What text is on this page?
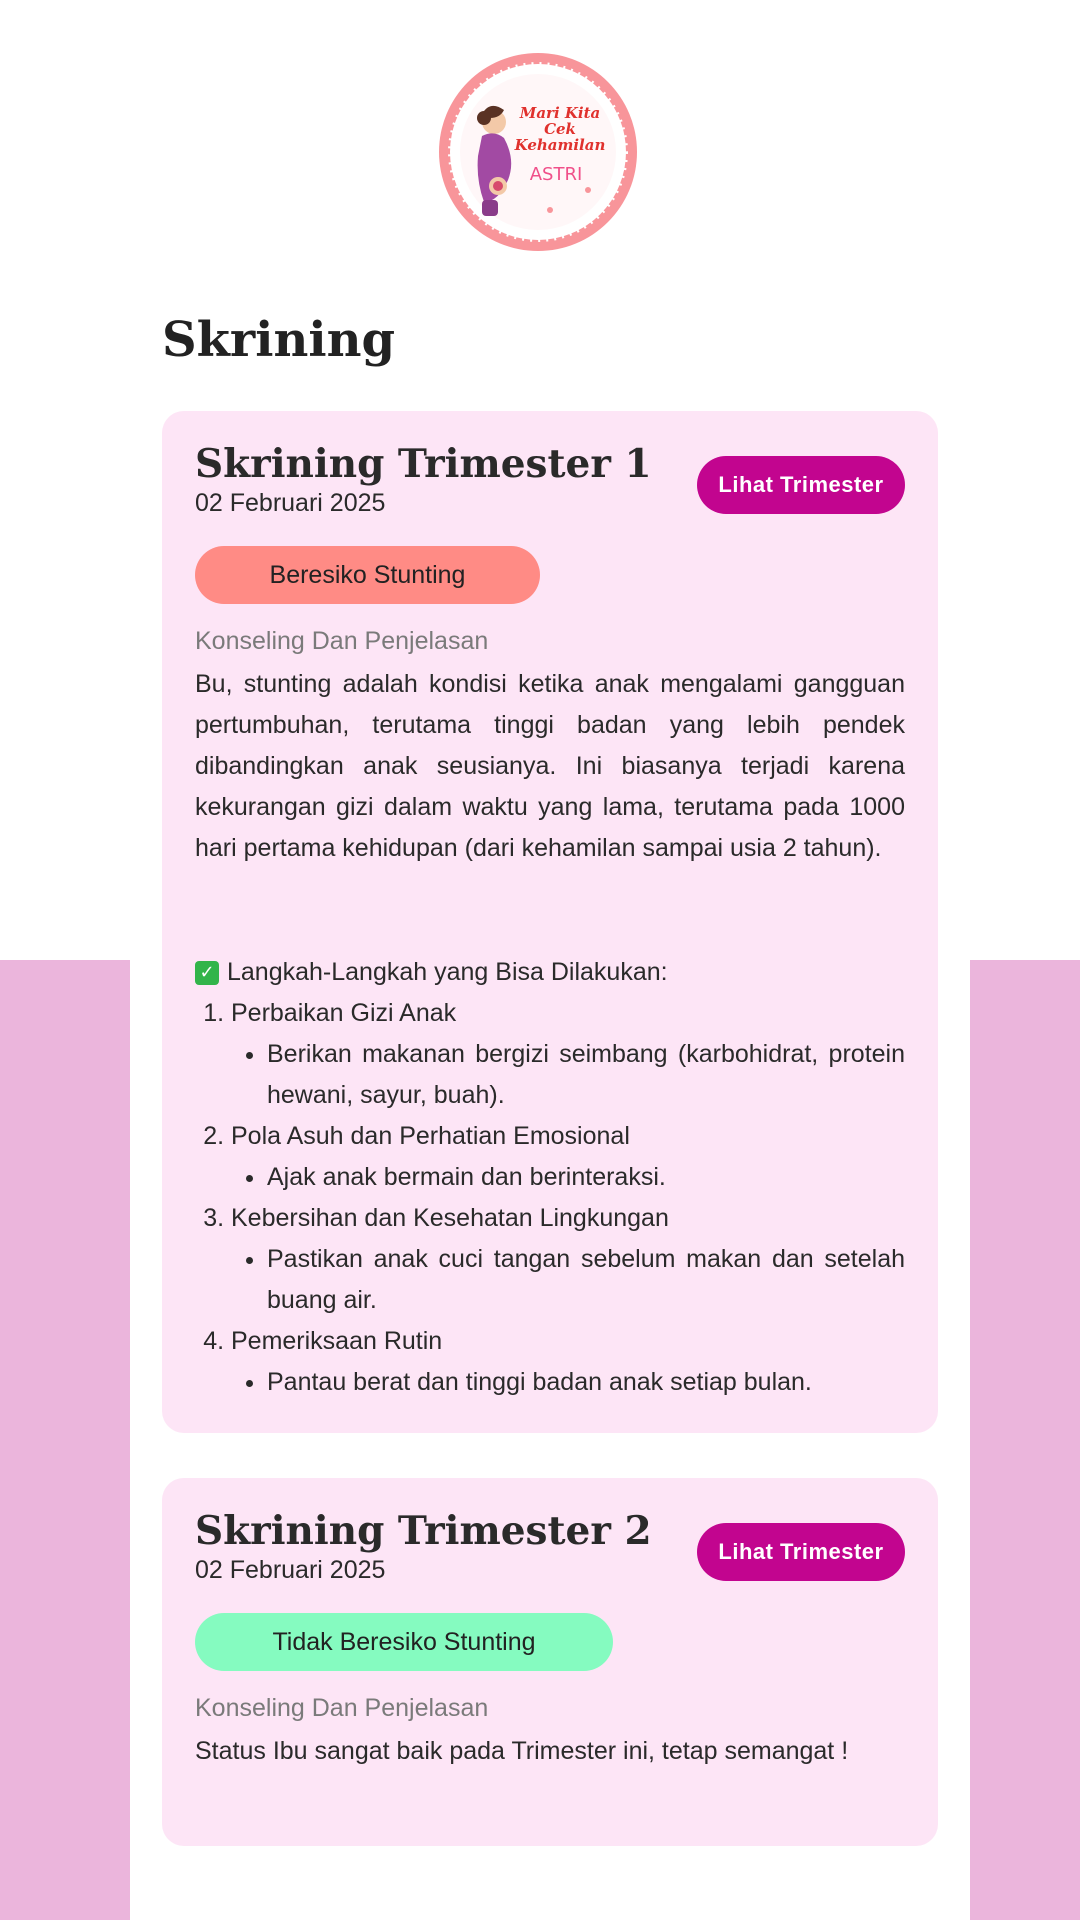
Mari Kita
Cek
Kehamilan
ASTRI
Skrining
Skrining Trimester 1
02 Februari 2025
Lihat Trimester
Beresiko Stunting
Konseling Dan Penjelasan

Bu, stunting adalah kondisi ketika anak mengalami gangguan pertumbuhan, terutama tinggi badan yang lebih pendek dibandingkan anak seusianya. Ini biasanya terjadi karena kekurangan gizi dalam waktu yang lama, terutama pada 1000 hari pertama kehidupan (dari kehamilan sampai usia 2 tahun).

✓ Langkah-Langkah yang Bisa Dilakukan:
1. Perbaikan Gizi Anak
• Berikan makanan bergizi seimbang (karbohidrat, protein hewani, sayur, buah).
2. Pola Asuh dan Perhatian Emosional
• Ajak anak bermain dan berinteraksi.
3. Kebersihan dan Kesehatan Lingkungan
• Pastikan anak cuci tangan sebelum makan dan setelah buang air.
4. Pemeriksaan Rutin
• Pantau berat dan tinggi badan anak setiap bulan.
Skrining Trimester 2
02 Februari 2025
Lihat Trimester
Tidak Beresiko Stunting
Konseling Dan Penjelasan

Status Ibu sangat baik pada Trimester ini, tetap semangat !
